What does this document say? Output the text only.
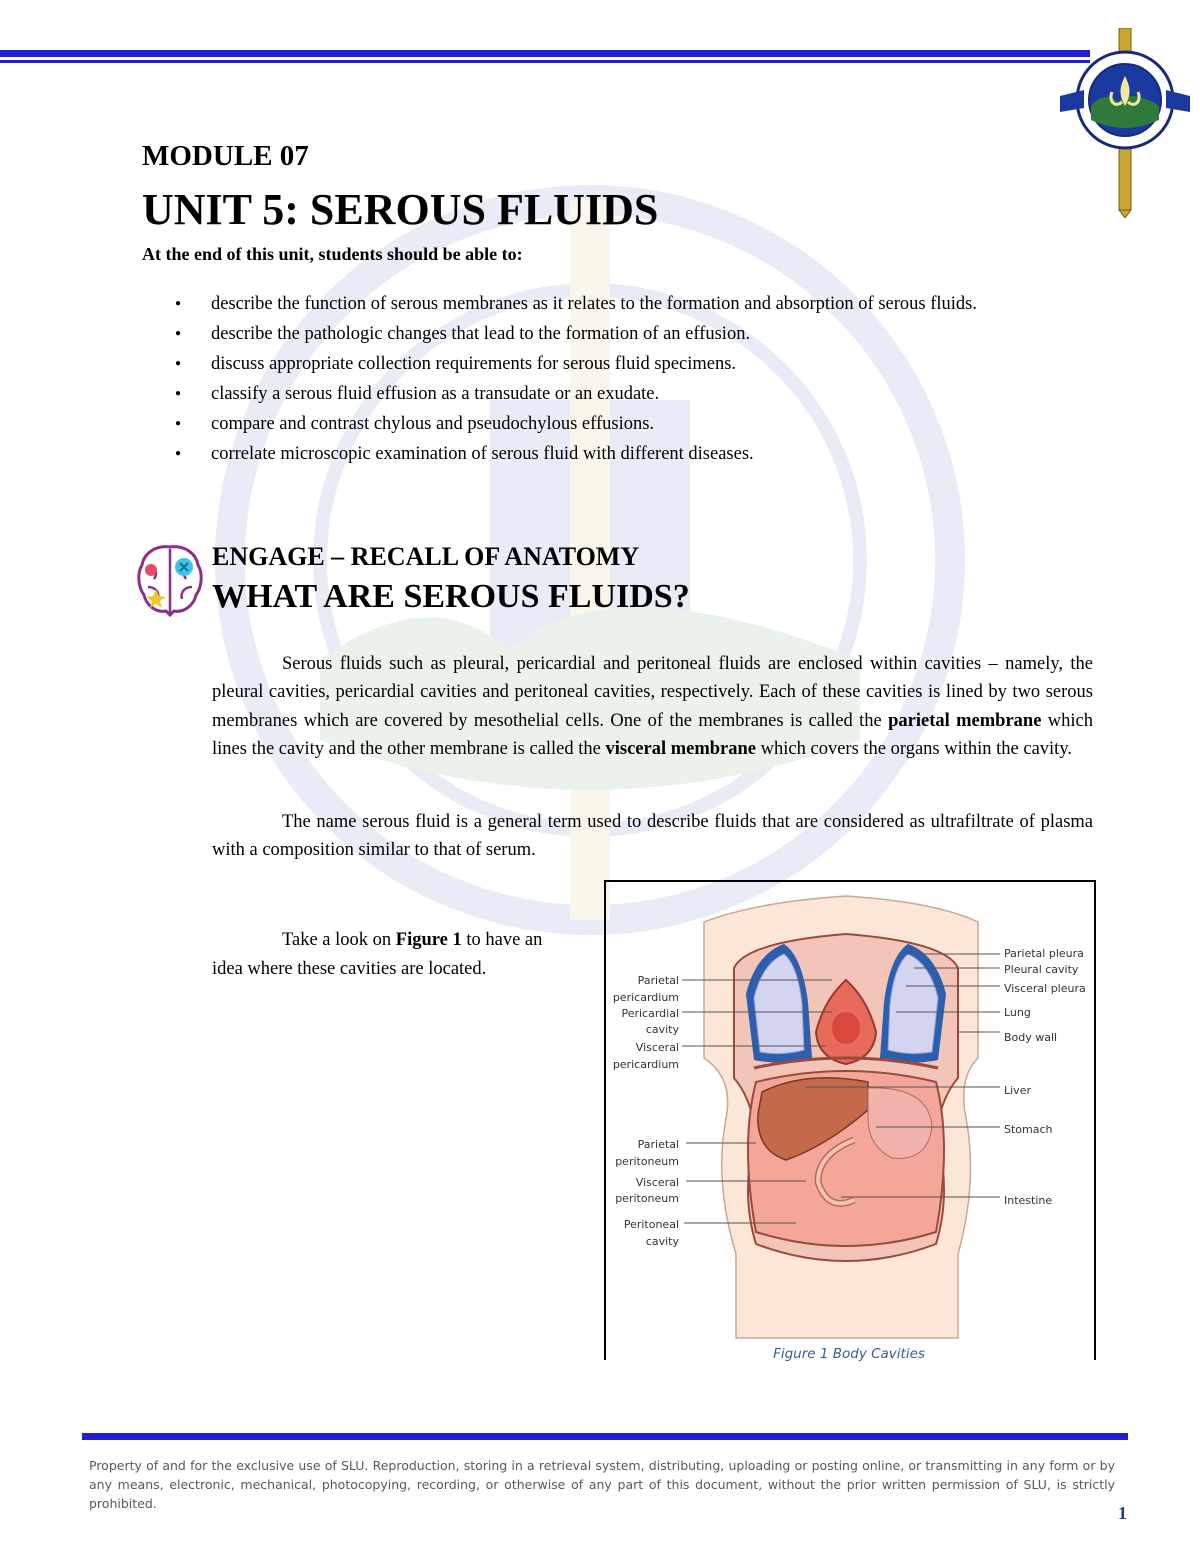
MODULE 07
UNIT 5: SEROUS FLUIDS
At the end of this unit, students should be able to:
● describe the function of serous membranes as it relates to the formation and absorption of serous fluids.
● describe the pathologic changes that lead to the formation of an effusion.
● discuss appropriate collection requirements for serous fluid specimens.
● classify a serous fluid effusion as a transudate or an exudate.
● compare and contrast chylous and pseudochylous effusions.
● correlate microscopic examination of serous fluid with different diseases.
ENGAGE – RECALL OF ANATOMY
WHAT ARE SEROUS FLUIDS?

Serous fluids such as pleural, pericardial and peritoneal fluids are enclosed within cavities – namely, the pleural cavities, pericardial cavities and peritoneal cavities, respectively. Each of these cavities is lined by two serous membranes which are covered by mesothelial cells. One of the membranes is called the parietal membrane which lines the cavity and the other membrane is called the visceral membrane which covers the organs within the cavity.

The name serous fluid is a general term used to describe fluids that are considered as ultrafiltrate of plasma with a composition similar to that of serum.

Take a look on Figure 1 to have an idea where these cavities are located.

Parietal pleura
Pleural cavity
Visceral pleura
Lung
Body wall
Liver
Stomach
Intestine
Parietal
pericardium
Pericardial
cavity
Visceral
pericardium
Parietal
peritoneum
Visceral
peritoneum
Peritoneal
cavity
Figure 1 Body Cavities

Property of and for the exclusive use of SLU. Reproduction, storing in a retrieval system, distributing, uploading or posting online, or transmitting in any form or by any means, electronic, mechanical, photocopying, recording, or otherwise of any part of this document, without the prior written permission of SLU, is strictly prohibited.	1
